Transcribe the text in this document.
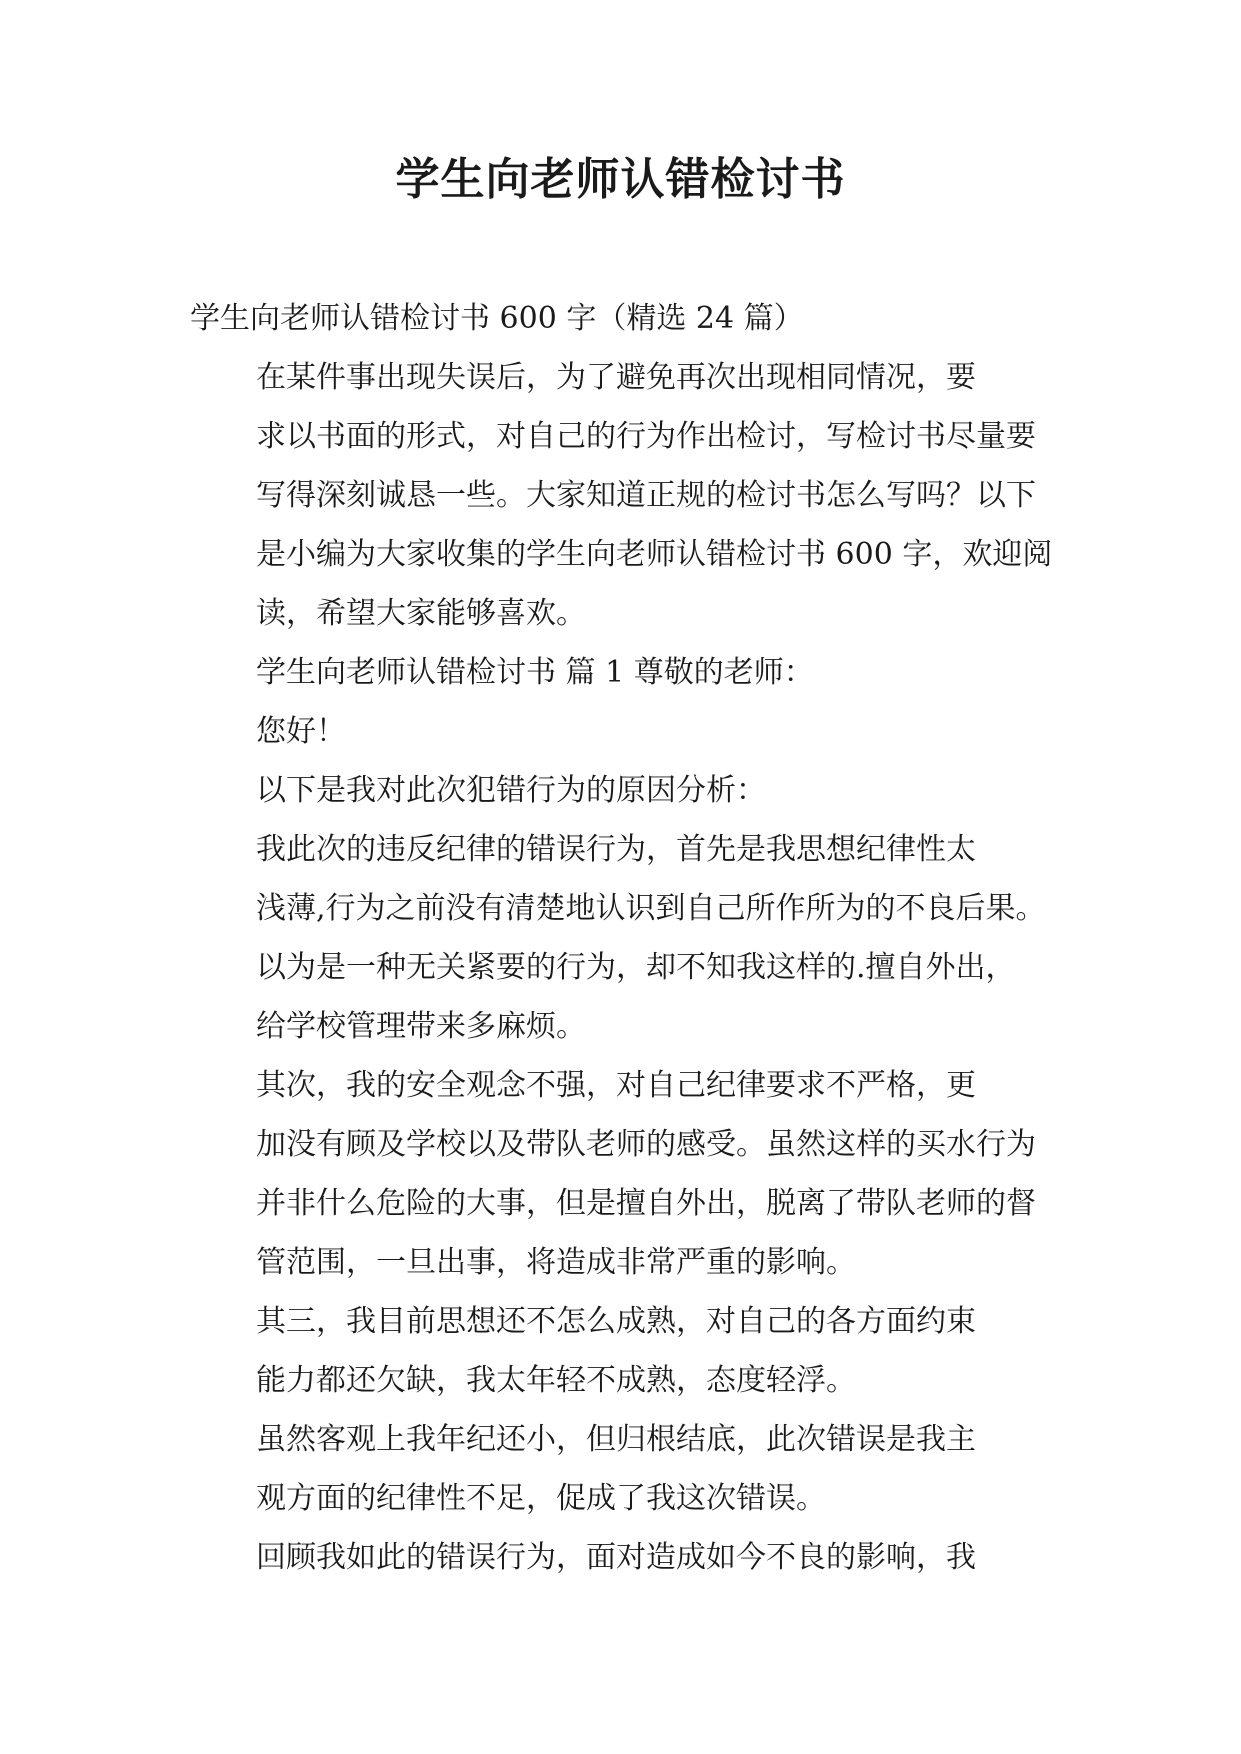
学生向老师认错检讨书

学生向老师认错检讨书 600 字（精选 24 篇）

在某件事出现失误后，为了避免再次出现相同情况，要
求以书面的形式，对自己的行为作出检讨，写检讨书尽量要
写得深刻诚恳一些。大家知道正规的检讨书怎么写吗？以下
是小编为大家收集的学生向老师认错检讨书 600 字，欢迎阅
读，希望大家能够喜欢。

学生向老师认错检讨书 篇 1 尊敬的老师：

您好！

以下是我对此次犯错行为的原因分析：

我此次的违反纪律的错误行为，首先是我思想纪律性太
浅薄,行为之前没有清楚地认识到自己所作所为的不良后果。
以为是一种无关紧要的行为，却不知我这样的.擅自外出，
给学校管理带来多麻烦。

其次，我的安全观念不强，对自己纪律要求不严格，更
加没有顾及学校以及带队老师的感受。虽然这样的买水行为
并非什么危险的大事，但是擅自外出，脱离了带队老师的督
管范围，一旦出事，将造成非常严重的影响。

其三，我目前思想还不怎么成熟，对自己的各方面约束
能力都还欠缺，我太年轻不成熟，态度轻浮。

虽然客观上我年纪还小，但归根结底，此次错误是我主
观方面的纪律性不足，促成了我这次错误。

回顾我如此的错误行为，面对造成如今不良的影响，我
